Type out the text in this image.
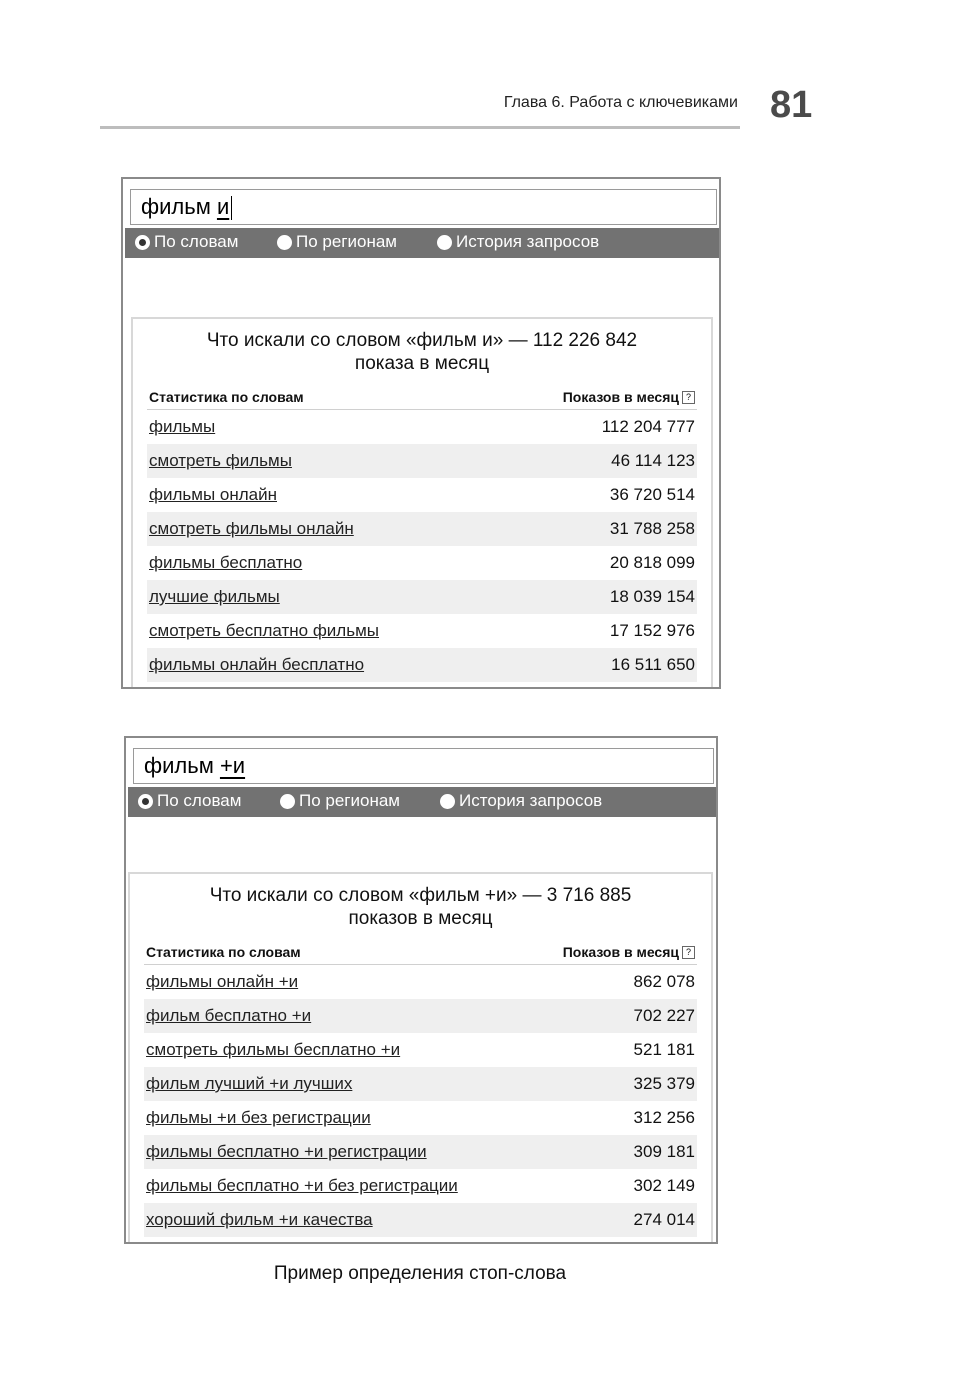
Глава 6. Работа с ключевиками 81
фильм и
По словам	По регионам	История запросов
Что искали со словом «фильм и» — 112 226 842
показа в месяц
Статистика по словам	Показов в месяц ?
фильмы	112 204 777
смотреть фильмы	46 114 123
фильмы онлайн	36 720 514
смотреть фильмы онлайн	31 788 258
фильмы бесплатно	20 818 099
лучшие фильмы	18 039 154
смотреть бесплатно фильмы	17 152 976
фильмы онлайн бесплатно	16 511 650
фильм +и
По словам	По регионам	История запросов
Что искали со словом «фильм +и» — 3 716 885
показов в месяц
Статистика по словам	Показов в месяц ?
фильмы онлайн +и	862 078
фильм бесплатно +и	702 227
смотреть фильмы бесплатно +и	521 181
фильм лучший +и лучших	325 379
фильмы +и без регистрации	312 256
фильмы бесплатно +и регистрации	309 181
фильмы бесплатно +и без регистрации	302 149
хороший фильм +и качества	274 014
Пример определения стоп-слова
